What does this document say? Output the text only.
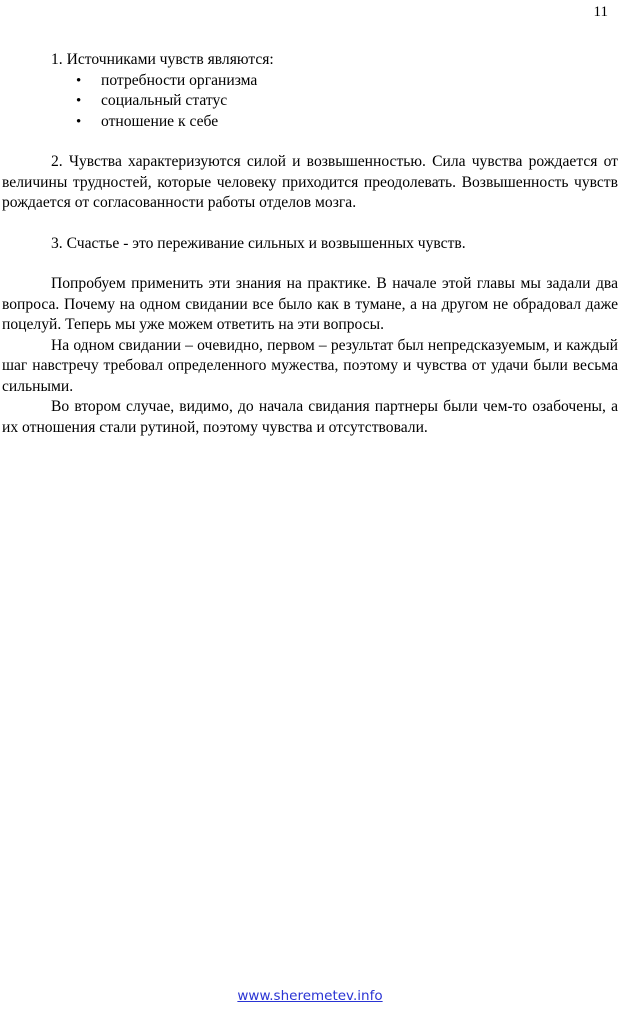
11

1. Источниками чувств являются:

• потребности организма
• социальный статус
• отношение к себе

2. Чувства характеризуются силой и возвышенностью. Сила чувства рождается от величины трудностей, которые человеку приходится преодолевать. Возвышенность чувств рождается от согласованности работы отделов мозга.

3. Счастье - это переживание сильных и возвышенных чувств.

Попробуем применить эти знания на практике. В начале этой главы мы задали два вопроса. Почему на одном свидании все было как в тумане, а на другом не обрадовал даже поцелуй. Теперь мы уже можем ответить на эти вопросы.

На одном свидании – очевидно, первом – результат был непредсказуемым, и каждый шаг навстречу требовал определенного мужества, поэтому и чувства от удачи были весьма сильными.

Во втором случае, видимо, до начала свидания партнеры были чем-то озабочены, а их отношения стали рутиной, поэтому чувства и отсутствовали.

www.sheremetev.info
